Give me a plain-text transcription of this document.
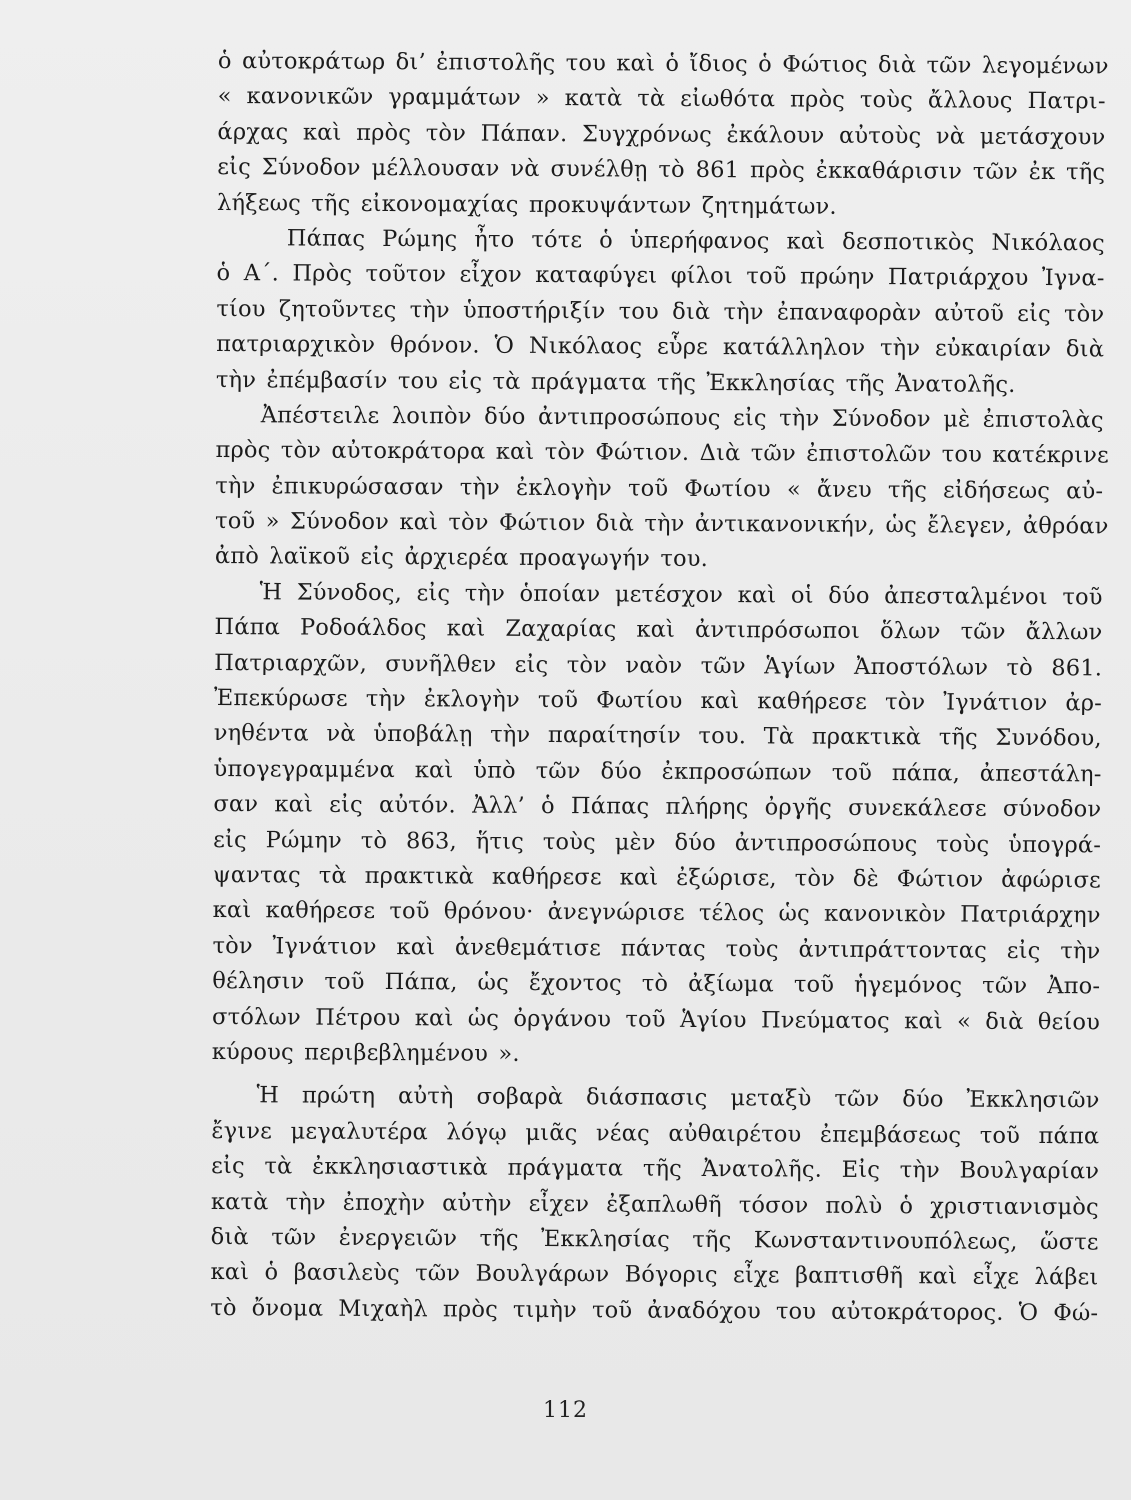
ὁ αὐτοκράτωρ δι’ ἐπιστολῆς του καὶ ὁ ἴδιος ὁ Φώτιος διὰ τῶν λεγομένων
« κανονικῶν γραμμάτων » κατὰ τὰ εἰωθότα πρὸς τοὺς ἄλλους Πατρι-
άρχας καὶ πρὸς τὸν Πάπαν. Συγχρόνως ἐκάλουν αὐτοὺς νὰ μετάσχουν
εἰς Σύνοδον μέλλουσαν νὰ συνέλθῃ τὸ 861 πρὸς ἐκκαθάρισιν τῶν ἐκ τῆς
λήξεως τῆς εἰκονομαχίας προκυψάντων ζητημάτων.
Πάπας Ρώμης ἦτο τότε ὁ ὑπερήφανος καὶ δεσποτικὸς Νικόλαος
ὁ Α΄. Πρὸς τοῦτον εἶχον καταφύγει φίλοι τοῦ πρώην Πατριάρχου Ἰγνα-
τίου ζητοῦντες τὴν ὑποστήριξίν του διὰ τὴν ἐπαναφορὰν αὐτοῦ εἰς τὸν
πατριαρχικὸν θρόνον. Ὁ Νικόλαος εὗρε κατάλληλον τὴν εὐκαιρίαν διὰ
τὴν ἐπέμβασίν του εἰς τὰ πράγματα τῆς Ἐκκλησίας τῆς Ἀνατολῆς.
Ἀπέστειλε λοιπὸν δύο ἀντιπροσώπους εἰς τὴν Σύνοδον μὲ ἐπιστολὰς
πρὸς τὸν αὐτοκράτορα καὶ τὸν Φώτιον. Διὰ τῶν ἐπιστολῶν του κατέκρινε
τὴν ἐπικυρώσασαν τὴν ἐκλογὴν τοῦ Φωτίου « ἄνευ τῆς εἰδήσεως αὐ-
τοῦ » Σύνοδον καὶ τὸν Φώτιον διὰ τὴν ἀντικανονικήν, ὡς ἔλεγεν, ἀθρόαν
ἀπὸ λαϊκοῦ εἰς ἀρχιερέα προαγωγήν του.
Ἡ Σύνοδος, εἰς τὴν ὁποίαν μετέσχον καὶ οἱ δύο ἀπεσταλμένοι τοῦ
Πάπα Ροδοάλδος καὶ Ζαχαρίας καὶ ἀντιπρόσωποι ὅλων τῶν ἄλλων
Πατριαρχῶν, συνῆλθεν εἰς τὸν ναὸν τῶν Ἁγίων Ἀποστόλων τὸ 861.
Ἐπεκύρωσε τὴν ἐκλογὴν τοῦ Φωτίου καὶ καθήρεσε τὸν Ἰγνάτιον ἀρ-
νηθέντα νὰ ὑποβάλῃ τὴν παραίτησίν του. Τὰ πρακτικὰ τῆς Συνόδου,
ὑπογεγραμμένα καὶ ὑπὸ τῶν δύο ἐκπροσώπων τοῦ πάπα, ἀπεστάλη-
σαν καὶ εἰς αὐτόν. Ἀλλ’ ὁ Πάπας πλήρης ὀργῆς συνεκάλεσε σύνοδον
εἰς Ρώμην τὸ 863, ἥτις τοὺς μὲν δύο ἀντιπροσώπους τοὺς ὑπογρά-
ψαντας τὰ πρακτικὰ καθήρεσε καὶ ἐξώρισε, τὸν δὲ Φώτιον ἀφώρισε
καὶ καθήρεσε τοῦ θρόνου· ἀνεγνώρισε τέλος ὡς κανονικὸν Πατριάρχην
τὸν Ἰγνάτιον καὶ ἀνεθεμάτισε πάντας τοὺς ἀντιπράττοντας εἰς τὴν
θέλησιν τοῦ Πάπα, ὡς ἔχοντος τὸ ἀξίωμα τοῦ ἡγεμόνος τῶν Ἀπο-
στόλων Πέτρου καὶ ὡς ὀργάνου τοῦ Ἁγίου Πνεύματος καὶ « διὰ θείου
κύρους περιβεβλημένου ».
Ἡ πρώτη αὐτὴ σοβαρὰ διάσπασις μεταξὺ τῶν δύο Ἐκκλησιῶν
ἔγινε μεγαλυτέρα λόγῳ μιᾶς νέας αὐθαιρέτου ἐπεμβάσεως τοῦ πάπα
εἰς τὰ ἐκκλησιαστικὰ πράγματα τῆς Ἀνατολῆς. Εἰς τὴν Βουλγαρίαν
κατὰ τὴν ἐποχὴν αὐτὴν εἶχεν ἐξαπλωθῆ τόσον πολὺ ὁ χριστιανισμὸς
διὰ τῶν ἐνεργειῶν τῆς Ἐκκλησίας τῆς Κωνσταντινουπόλεως, ὥστε
καὶ ὁ βασιλεὺς τῶν Βουλγάρων Βόγορις εἶχε βαπτισθῆ καὶ εἶχε λάβει
τὸ ὄνομα Μιχαὴλ πρὸς τιμὴν τοῦ ἀναδόχου του αὐτοκράτορος. Ὁ Φώ-
112
